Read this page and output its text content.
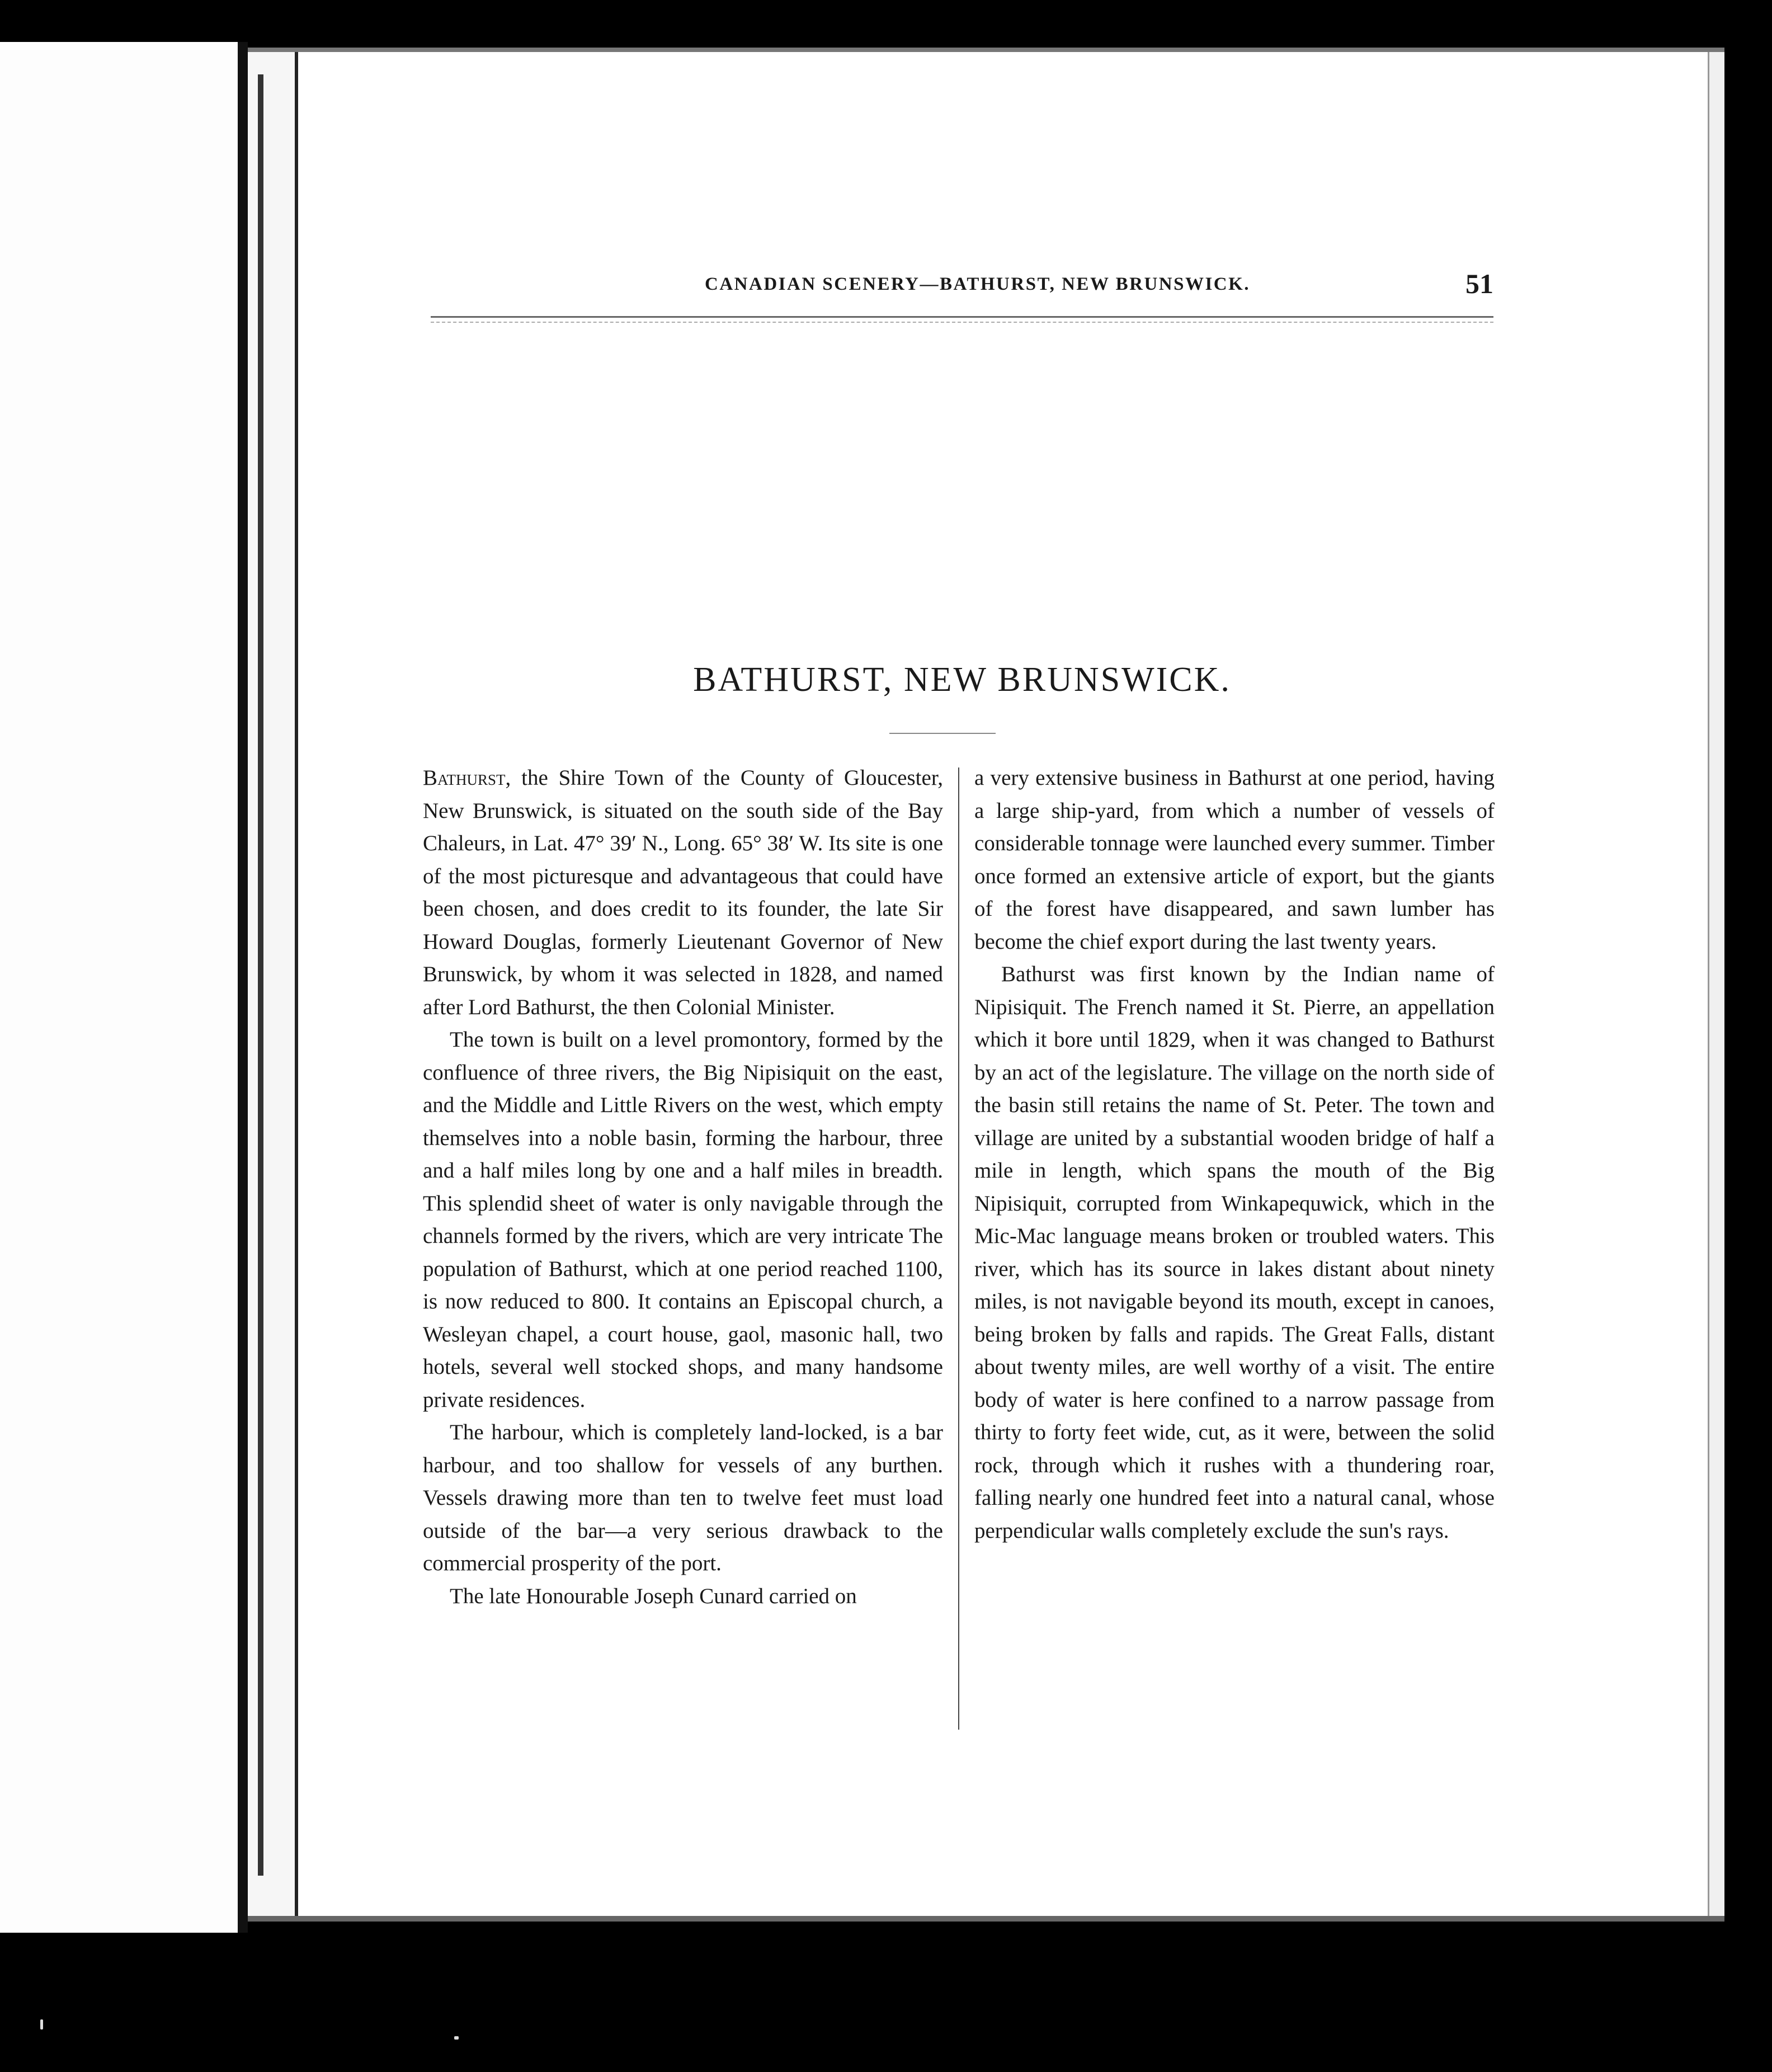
CANADIAN SCENERY—BATHURST, NEW BRUNSWICK.	51
BATHURST, NEW BRUNSWICK.

Bathurst, the Shire Town of the County of Gloucester, New Brunswick, is situated on the south side of the Bay Chaleurs, in Lat. 47° 39′ N., Long. 65° 38′ W. Its site is one of the most picturesque and advantageous that could have been chosen, and does credit to its founder, the late Sir Howard Douglas, formerly Lieutenant Governor of New Brunswick, by whom it was selected in 1828, and named after Lord Bathurst, the then Colonial Minister.

The town is built on a level promontory, formed by the confluence of three rivers, the Big Nipisiquit on the east, and the Middle and Little Rivers on the west, which empty themselves into a noble basin, forming the harbour, three and a half miles long by one and a half miles in breadth. This splendid sheet of water is only navigable through the channels formed by the rivers, which are very intricate The population of Bathurst, which at one period reached 1100, is now reduced to 800. It contains an Episcopal church, a Wesleyan chapel, a court house, gaol, masonic hall, two hotels, several well stocked shops, and many handsome private residences.

The harbour, which is completely land-locked, is a bar harbour, and too shallow for vessels of any burthen. Vessels drawing more than ten to twelve feet must load outside of the bar—a very serious drawback to the commercial prosperity of the port.

The late Honourable Joseph Cunard carried on

a very extensive business in Bathurst at one period, having a large ship-yard, from which a number of vessels of considerable tonnage were launched every summer. Timber once formed an extensive article of export, but the giants of the forest have disappeared, and sawn lumber has become the chief export during the last twenty years.

Bathurst was first known by the Indian name of Nipisiquit. The French named it St. Pierre, an appellation which it bore until 1829, when it was changed to Bathurst by an act of the legislature. The village on the north side of the basin still retains the name of St. Peter. The town and village are united by a substantial wooden bridge of half a mile in length, which spans the mouth of the Big Nipisiquit, corrupted from Winkapequwick, which in the Mic-Mac language means broken or troubled waters. This river, which has its source in lakes distant about ninety miles, is not navigable beyond its mouth, except in canoes, being broken by falls and rapids. The Great Falls, distant about twenty miles, are well worthy of a visit. The entire body of water is here confined to a narrow passage from thirty to forty feet wide, cut, as it were, between the solid rock, through which it rushes with a thundering roar, falling nearly one hundred feet into a natural canal, whose perpendicular walls completely exclude the sun's rays.
